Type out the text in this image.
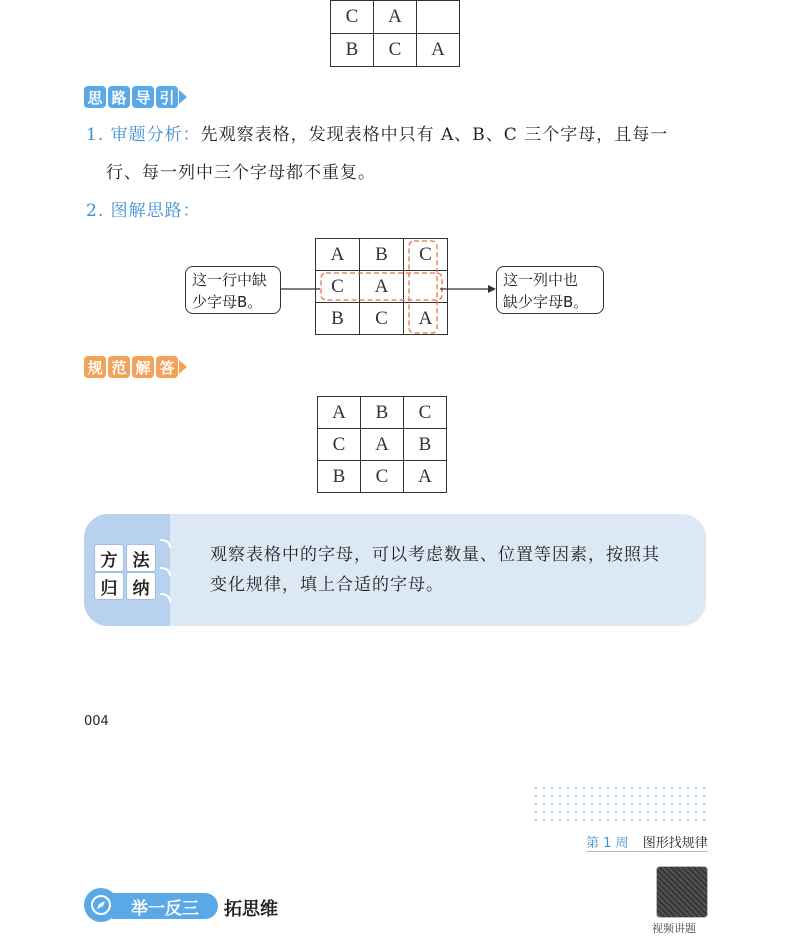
C	A	
B	C	A
思 路 导 引
1. 审题分析：先观察表格，发现表格中只有 A、B、C 三个字母，且每一
行、每一列中三个字母都不重复。
2. 图解思路：
A	B	C
C	A	
B	C	A
这一行中缺
少字母B。
这一列中也
缺少字母B。
规 范 解 答
A	B	C
C	A	B
B	C	A
方 法
归 纳
观察表格中的字母，可以考虑数量、位置等因素，按照其
变化规律，填上合适的字母。
004
第 1 周 图形找规律
举一反三	拓思维
视频讲题
